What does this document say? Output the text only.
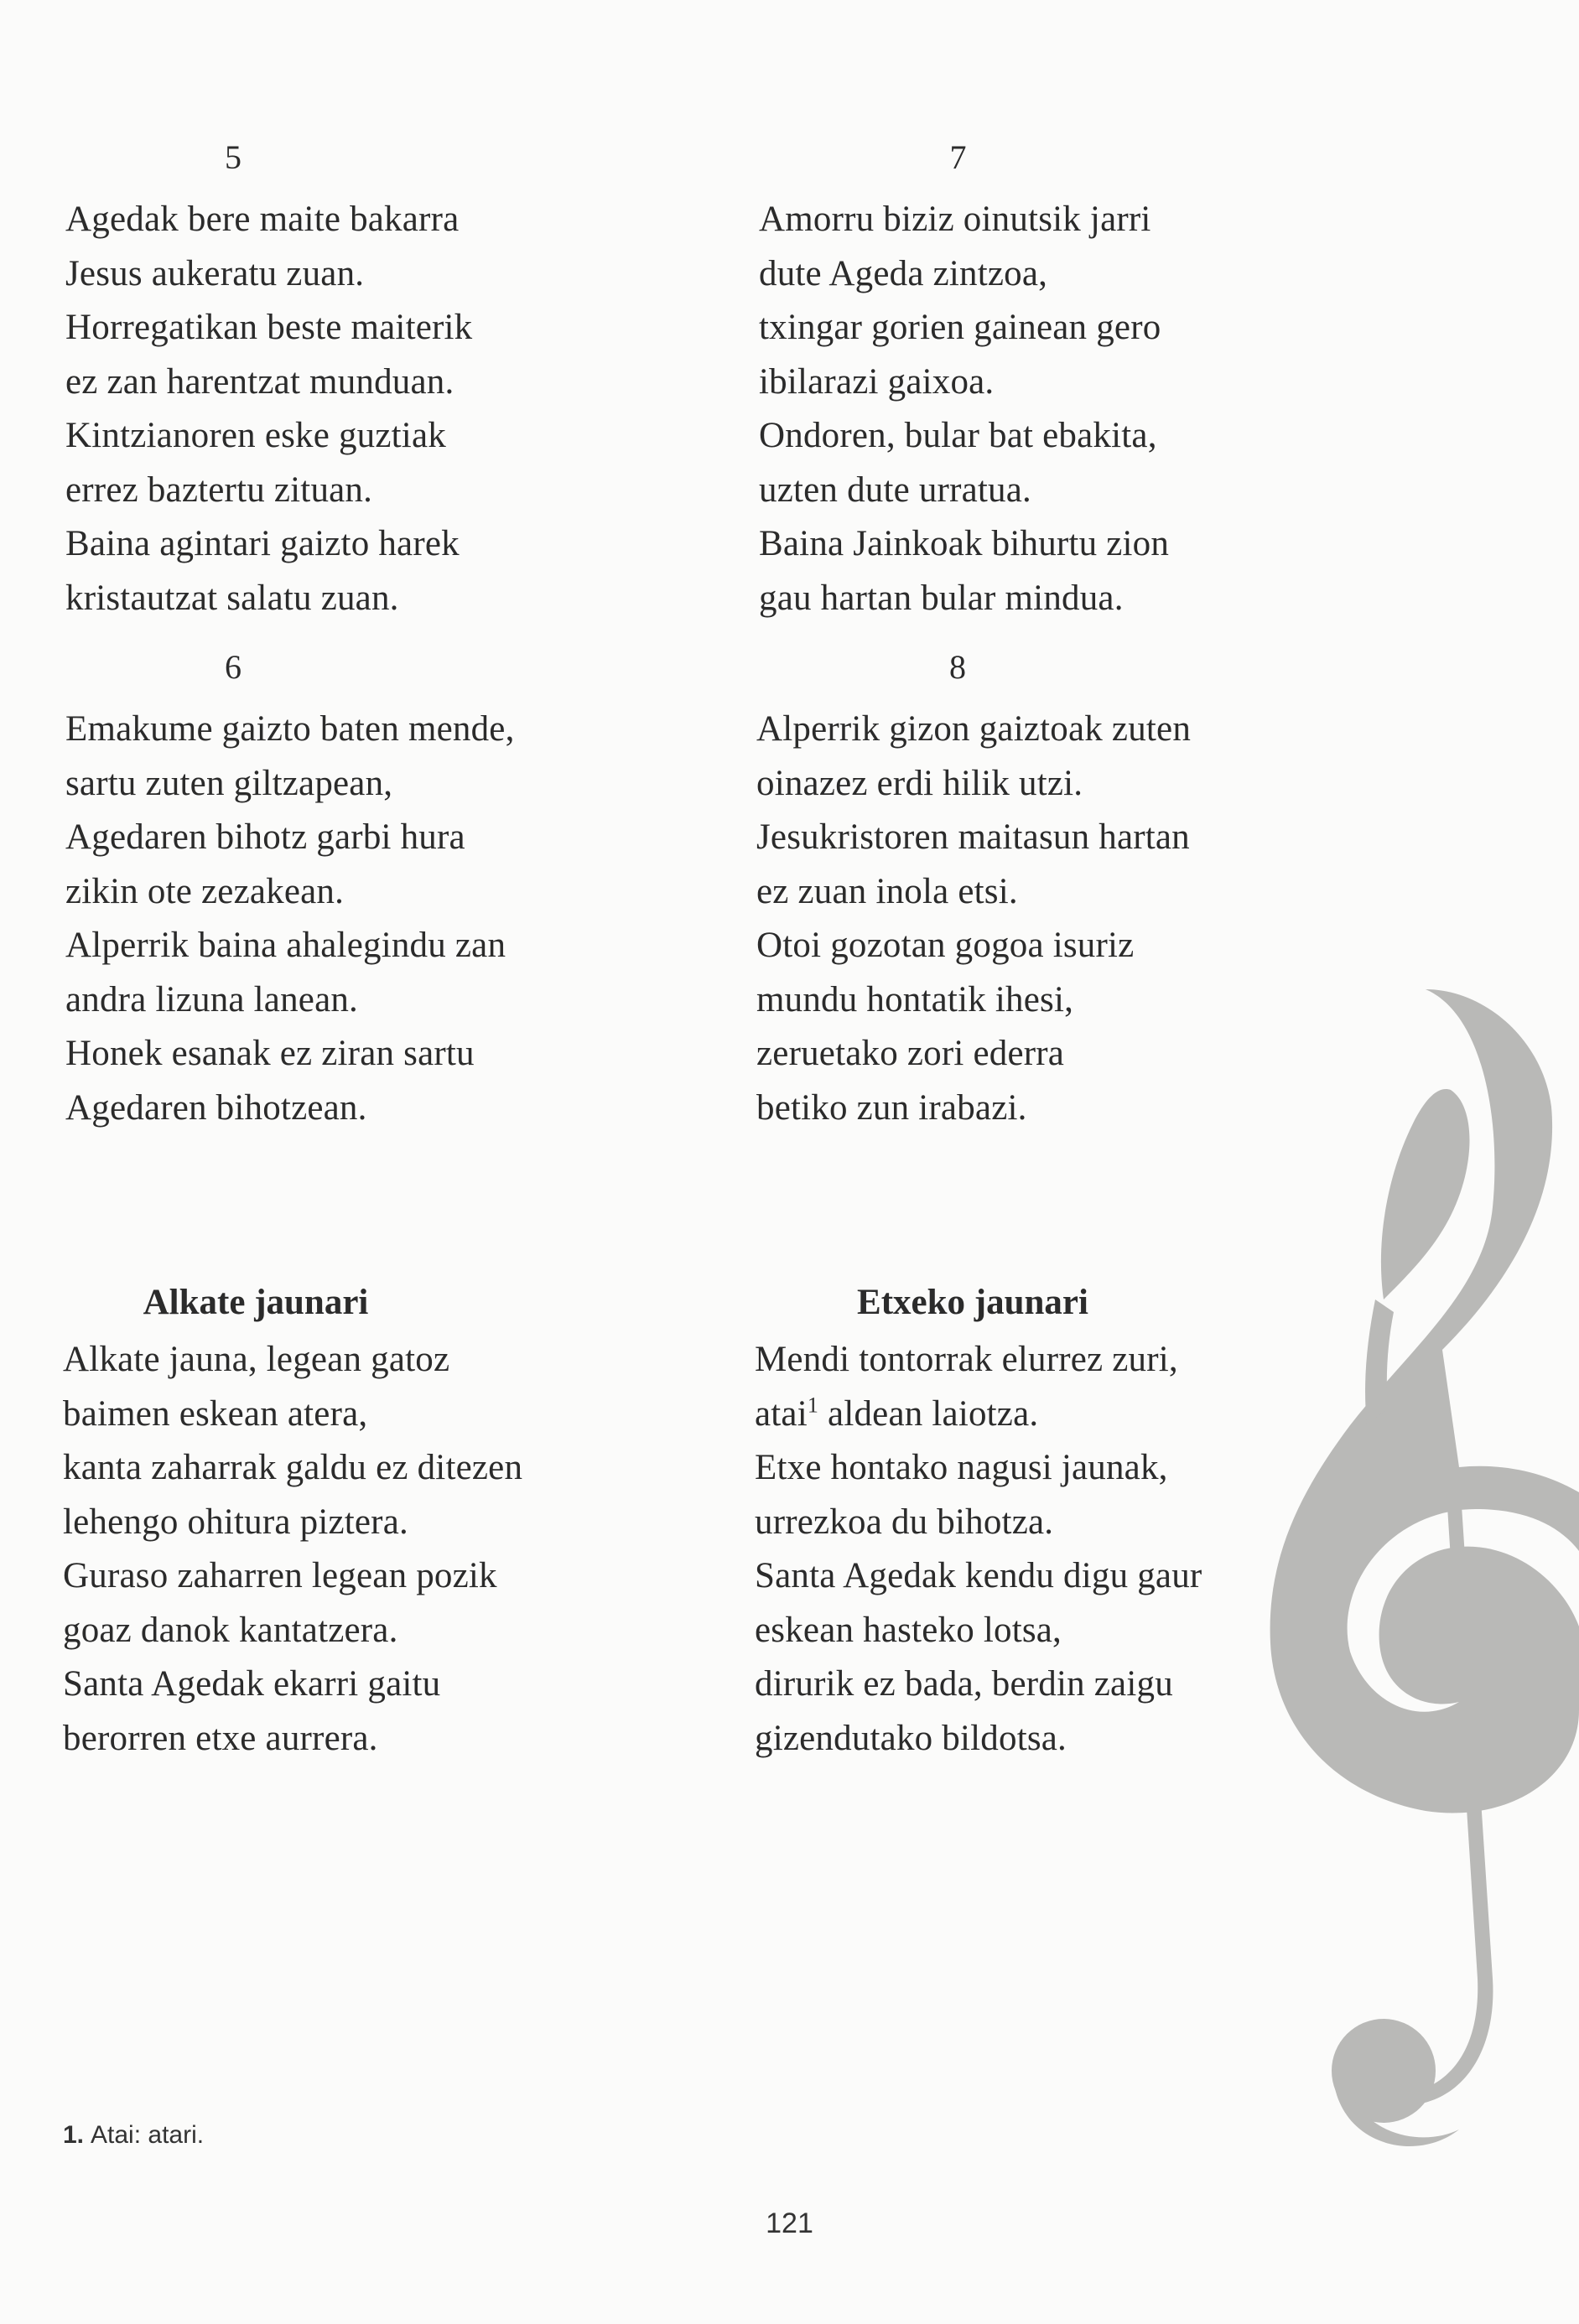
5
Agedak bere maite bakarra
Jesus aukeratu zuan.
Horregatikan beste maiterik
ez zan harentzat munduan.
Kintzianoren eske guztiak
errez baztertu zituan.
Baina agintari gaizto harek
kristautzat salatu zuan.
7
Amorru biziz oinutsik jarri
dute Ageda zintzoa,
txingar gorien gainean gero
ibilarazi gaixoa.
Ondoren, bular bat ebakita,
uzten dute urratua.
Baina Jainkoak bihurtu zion
gau hartan bular mindua.
6
Emakume gaizto baten mende,
sartu zuten giltzapean,
Agedaren bihotz garbi hura
zikin ote zezakean.
Alperrik baina ahalegindu zan
andra lizuna lanean.
Honek esanak ez ziran sartu
Agedaren bihotzean.
8
Alperrik gizon gaiztoak zuten
oinazez erdi hilik utzi.
Jesukristoren maitasun hartan
ez zuan inola etsi.
Otoi gozotan gogoa isuriz
mundu hontatik ihesi,
zeruetako zori ederra
betiko zun irabazi.
Alkate jaunari
Alkate jauna, legean gatoz
baimen eskean atera,
kanta zaharrak galdu ez ditezen
lehengo ohitura piztera.
Guraso zaharren legean pozik
goaz danok kantatzera.
Santa Agedak ekarri gaitu
berorren etxe aurrera.
Etxeko jaunari
Mendi tontorrak elurrez zuri,
atai$^1$ aldean laiotza.
Etxe hontako nagusi jaunak,
urrezkoa du bihotza.
Santa Agedak kendu digu gaur
eskean hasteko lotsa,
dirurik ez bada, berdin zaigu
gizendutako bildotsa.
1. Atai: atari.
121
